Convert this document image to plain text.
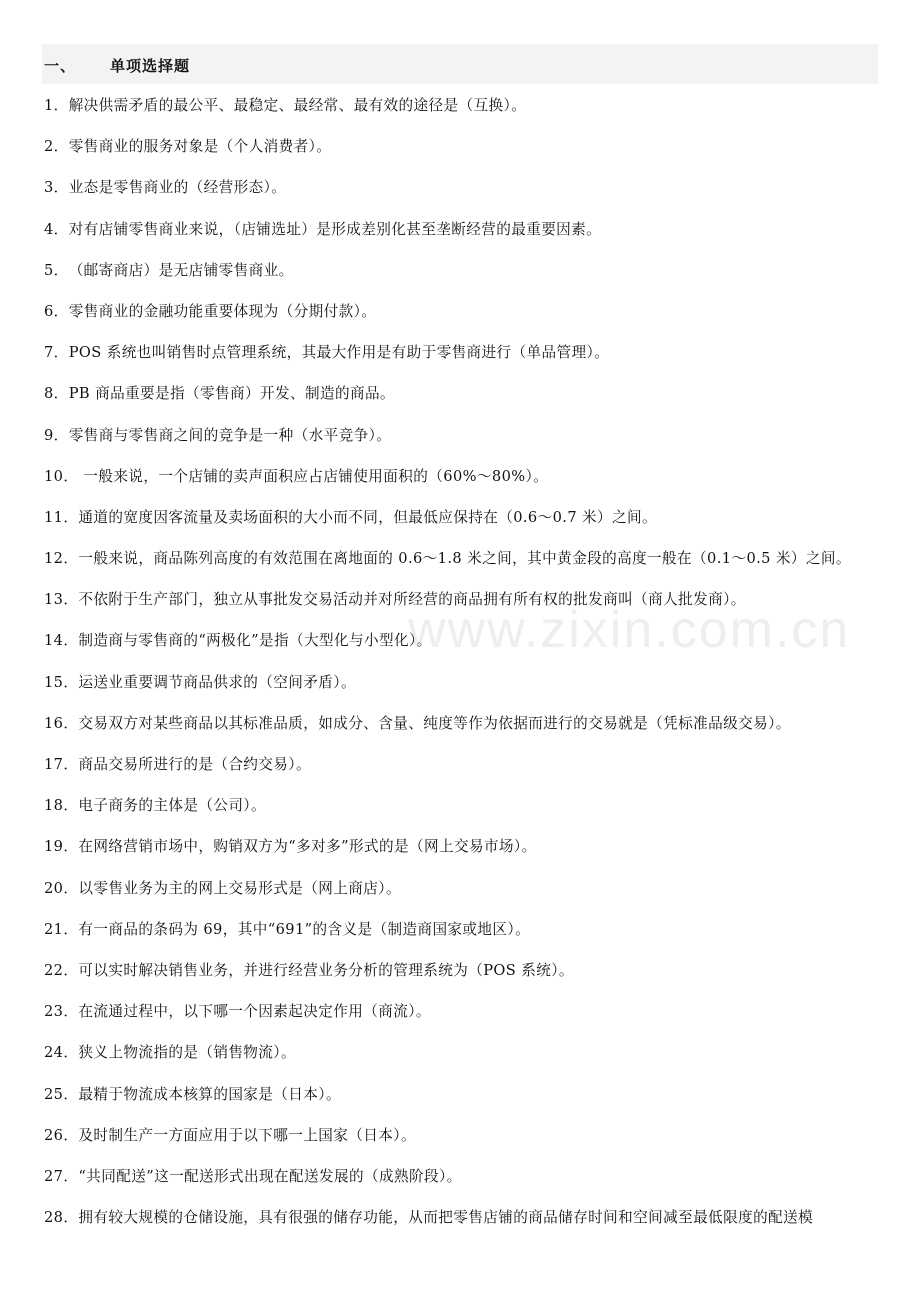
一、 单项选择题
1．解决供需矛盾的最公平、最稳定、最经常、最有效的途径是（互换）。
2．零售商业的服务对象是（个人消费者）。
3．业态是零售商业的（经营形态）。
4．对有店铺零售商业来说，（店铺选址）是形成差别化甚至垄断经营的最重要因素。
5．（邮寄商店）是无店铺零售商业。
6．零售商业的金融功能重要体现为（分期付款）。
7．POS 系统也叫销售时点管理系统，其最大作用是有助于零售商进行（单品管理）。
8．PB 商品重要是指（零售商）开发、制造的商品。
9．零售商与零售商之间的竞争是一种（水平竞争）。
10． 一般来说，一个店铺的卖声面积应占店铺使用面积的（60%～80%）。
11．通道的宽度因客流量及卖场面积的大小而不同，但最低应保持在（0.6～0.7 米）之间。
12．一般来说，商品陈列高度的有效范围在离地面的 0.6～1.8 米之间，其中黄金段的高度一般在（0.1～0.5 米）之间。
13．不依附于生产部门，独立从事批发交易活动并对所经营的商品拥有所有权的批发商叫（商人批发商）。
14．制造商与零售商的“两极化”是指（大型化与小型化）。
15．运送业重要调节商品供求的（空间矛盾）。
16．交易双方对某些商品以其标准品质，如成分、含量、纯度等作为依据而进行的交易就是（凭标准品级交易）。
17．商品交易所进行的是（合约交易）。
18．电子商务的主体是（公司）。
19．在网络营销市场中，购销双方为“多对多”形式的是（网上交易市场）。
20．以零售业务为主的网上交易形式是（网上商店）。
21．有一商品的条码为 69，其中“691”的含义是（制造商国家或地区）。
22．可以实时解决销售业务，并进行经营业务分析的管理系统为（POS 系统）。
23．在流通过程中，以下哪一个因素起决定作用（商流）。
24．狭义上物流指的是（销售物流）。
25．最精于物流成本核算的国家是（日本）。
26．及时制生产一方面应用于以下哪一上国家（日本）。
27．“共同配送”这一配送形式出现在配送发展的（成熟阶段）。
28．拥有较大规模的仓储设施，具有很强的储存功能，从而把零售店铺的商品储存时间和空间减至最低限度的配送模
www.zixin.com.cn
